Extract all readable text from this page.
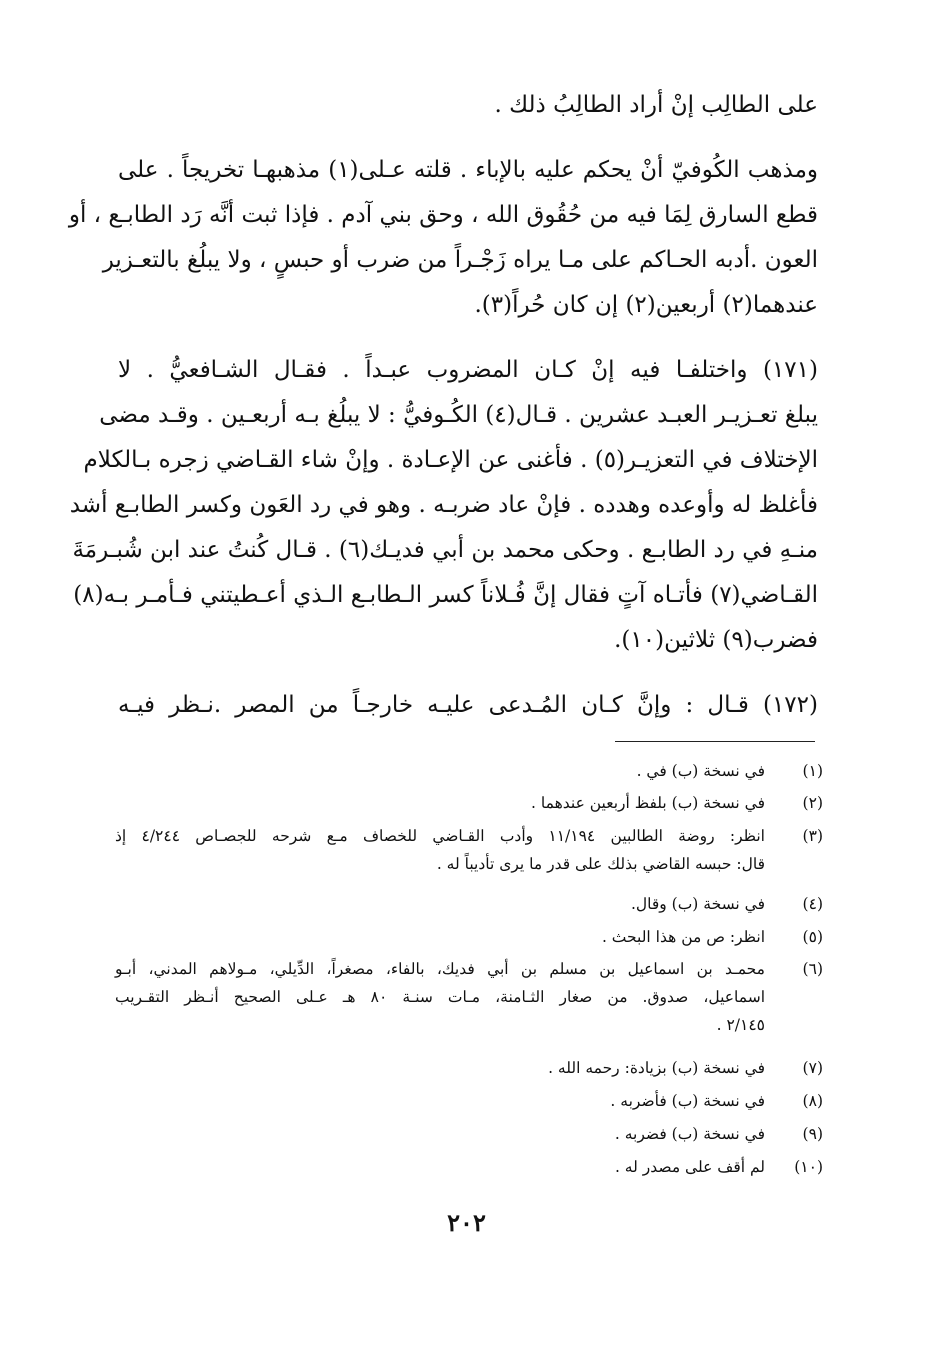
على الطالِب إنْ أراد الطالِبُ ذلك .
ومذهب الكُوفيّ أنْ يحكم عليه بالإباء . قلته عـلى(١) مذهبهـا تخريجاً . على
قطع السارق لِمَا فيه من حُقُوق الله ، وحق بني آدم . فإذا ثبت أنَّه رَد الطابـع ، أو
العون .أدبه الحـاكم على مـا يراه زَجْـراً من ضرب أو حبسٍ ، ولا يبلُغ بالتعـزير
عندهما(٢) أربعين(٢) إن كان حُراً(٣).
(١٧١) واختلفـا فيه إنْ كـان المضروب عبـداً . فقـال الشـافعيُّ . لا
يبلغ تعـزيـر العبـد عشرين . قـال(٤) الكُـوفيُّ : لا يبلُغ بـه أربعـين . وقـد مضى
الإختلاف في التعزيـر(٥) . فأغنى عن الإعـادة . وإنْ شاء القـاضي زجره بـالكلام
فأغلظ له وأوعده وهدده . فإنْ عاد ضربـه . وهو في رد العَون وكسر الطابـع أشد
منـهِ في رد الطابـع . وحكى محمد بن أبي فديـك(٦) . قـال كُنتُ عند ابن شُبـرمَةَ
القـاضي(٧) فأتـاه آتٍ فقال إنَّ فُـلاناً كسر الـطابـع الـذي أعـطيتني فـأمـر بـه(٨)
فضرب(٩) ثلاثين(١٠).
(١٧٢) قـال : وإنَّ كـان المُـدعى عليـه خارجـاً من المصر .نـظر فيـه
(١)
في نسخة (ب) في .
(٢)
في نسخة (ب) بلفظ أربعين عندهما .
(٣)
انظر: روضة الطالبين ١١/١٩٤ وأدب القـاضي للخصاف مـع شرحه للجصـاص ٤/٢٤٤ إذ
قال: حبسه القاضي بذلك على قدر ما يرى تأديباً له .
(٤)
في نسخة (ب) وقال.
(٥)
انظر: ص من هذا البحث .
(٦)
محمـد بن اسماعيل بن مسلم بن أبي فديك، بالفاء، مصغراً، الدِّيلي، مـولاهم المدني، أبـو
اسماعيل، صدوق. من صغار الثـامنة، مـات سنـة ٨٠ هـ عـلى الصحيح أنـظر التقـريب
٢/١٤٥ .
(٧)
في نسخة (ب) بزيادة: رحمه الله .
(٨)
في نسخة (ب) فأضربه .
(٩)
في نسخة (ب) فضربه .
(١٠)
لم أقف على مصدر له .
٢٠٢
